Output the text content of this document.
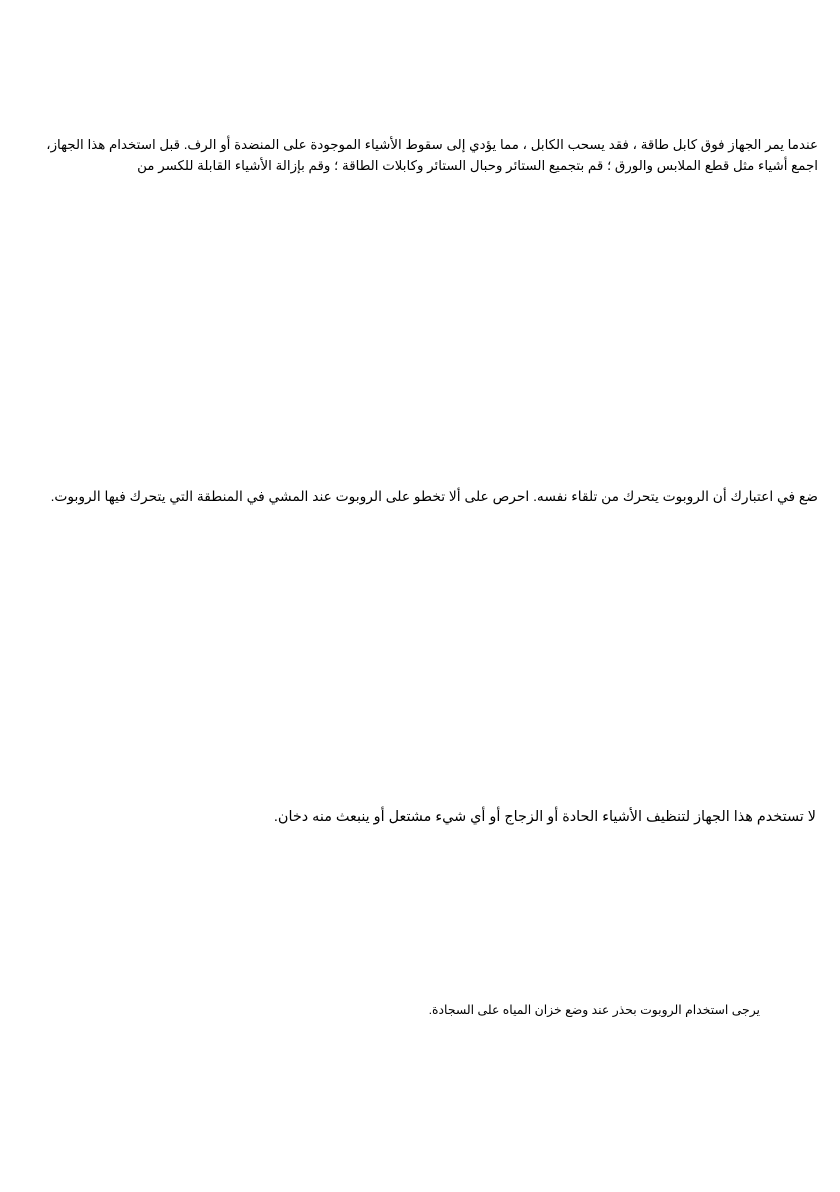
عندما يمر الجهاز فوق كابل طاقة ، فقد يسحب الكابل ، مما يؤدي إلى سقوط الأشياء الموجودة على المنضدة أو الرف. قبل استخدام هذا الجهاز، اجمع أشياء مثل قطع الملابس والورق ؛ قم بتجميع الستائر وحبال الستائر وكابلات الطاقة ؛ وقم بإزالة الأشياء القابلة للكسر من

ضع في اعتبارك أن الروبوت يتحرك من تلقاء نفسه. احرص على ألا تخطو على الروبوت عند المشي في المنطقة التي يتحرك فيها الروبوت.

لا تستخدم هذا الجهاز لتنظيف الأشياء الحادة أو الزجاج أو أي شيء مشتعل أو ينبعث منه دخان.

يرجى استخدام الروبوت بحذر عند وضع خزان المياه على السجادة.
